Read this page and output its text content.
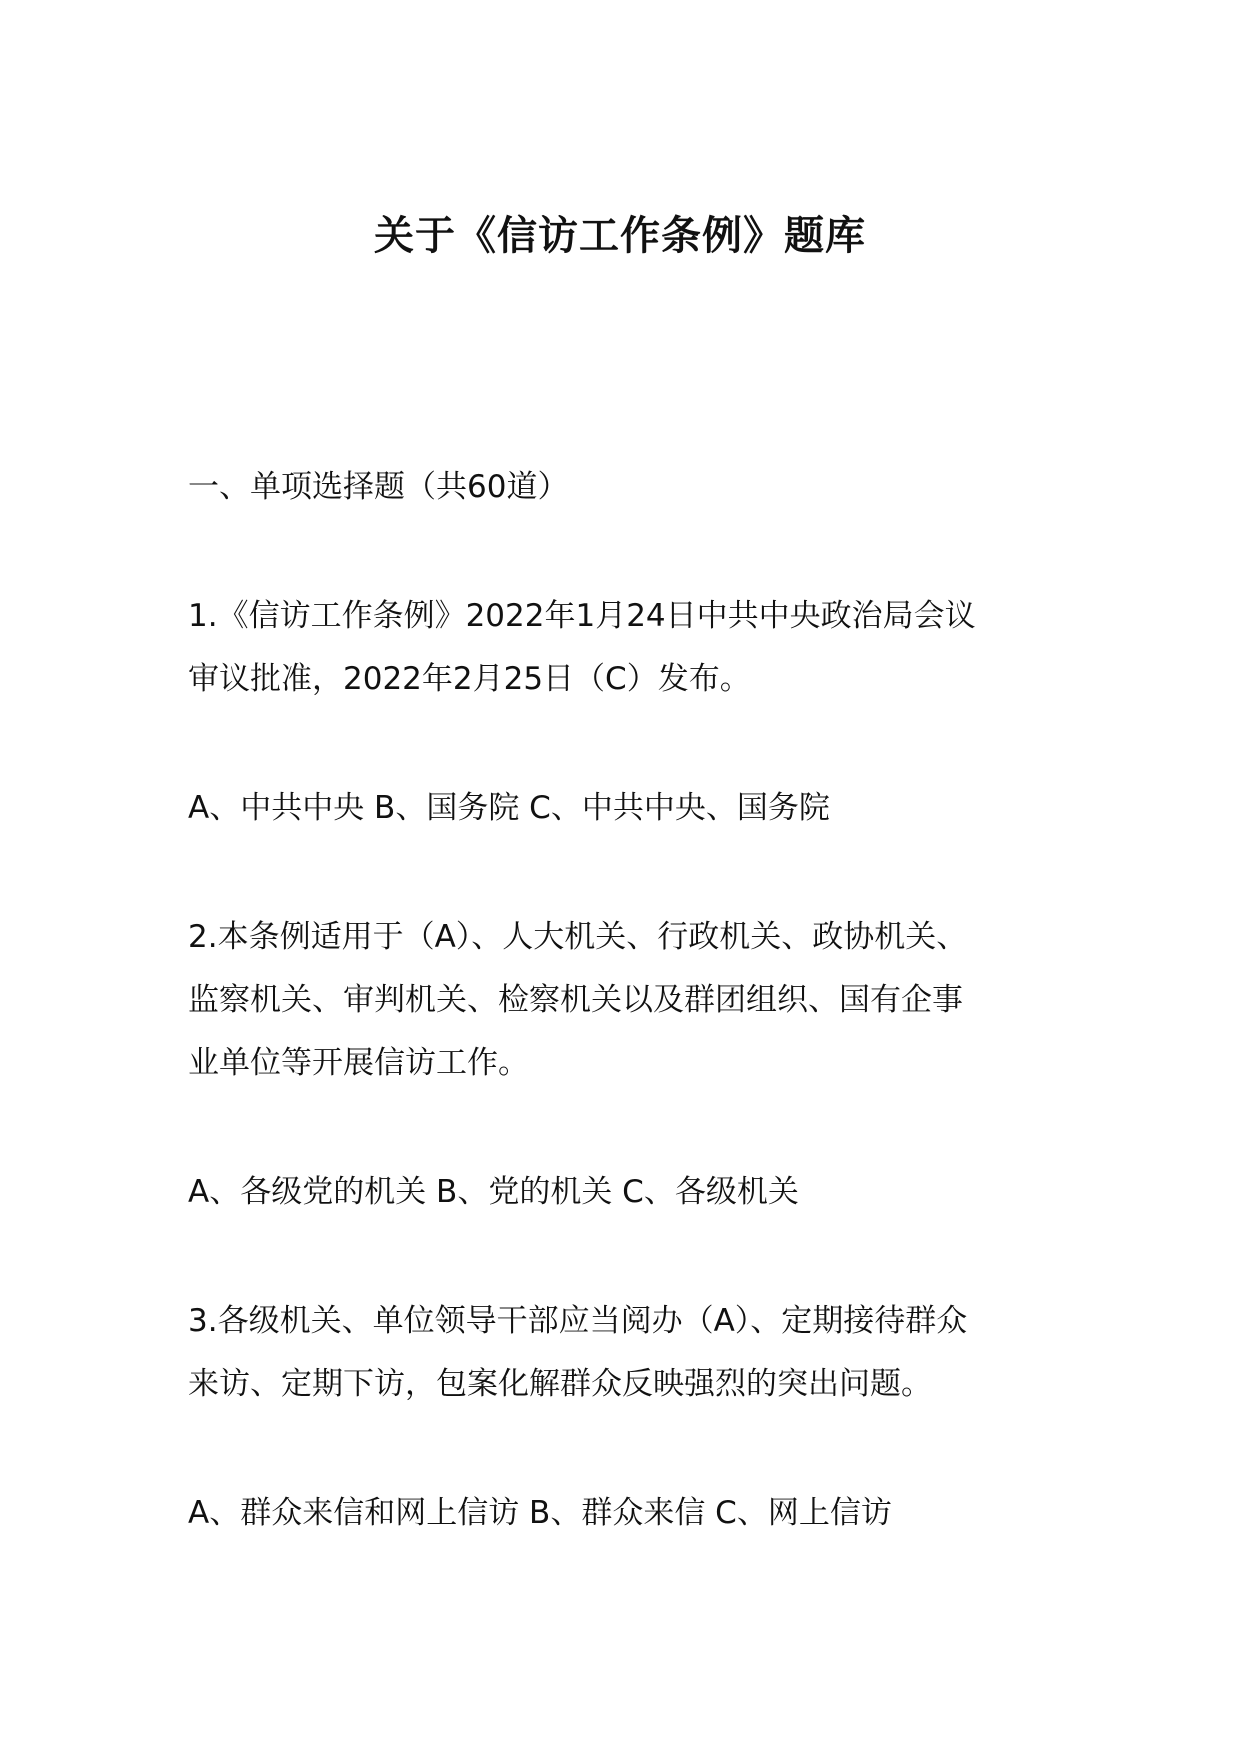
关于《信访工作条例》题库

一、单项选择题（共60道）

1.《信访工作条例》2022年1月24日中共中央政治局会议
审议批准，2022年2月25日（C）发布。

A、中共中央 B、国务院 C、中共中央、国务院

2.本条例适用于（A）、人大机关、行政机关、政协机关、
监察机关、审判机关、检察机关以及群团组织、国有企事
业单位等开展信访工作。

A、各级党的机关 B、党的机关 C、各级机关

3.各级机关、单位领导干部应当阅办（A）、定期接待群众
来访、定期下访，包案化解群众反映强烈的突出问题。

A、群众来信和网上信访 B、群众来信 C、网上信访
